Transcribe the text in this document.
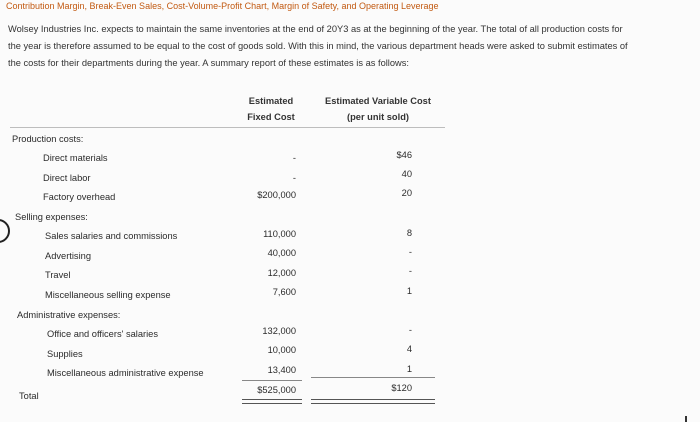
Contribution Margin, Break-Even Sales, Cost-Volume-Profit Chart, Margin of Safety, and Operating Leverage
Wolsey Industries Inc. expects to maintain the same inventories at the end of 20Y3 as at the beginning of the year. The total of all production costs for
the year is therefore assumed to be equal to the cost of goods sold. With this in mind, the various department heads were asked to submit estimates of
the costs for their departments during the year. A summary report of these estimates is as follows:
Estimated
Fixed Cost
Estimated Variable Cost
(per unit sold)
Production costs:
Direct materials
Direct labor
Factory overhead
Selling expenses:
Sales salaries and commissions
Advertising
Travel
Miscellaneous selling expense
Administrative expenses:
Office and officers' salaries
Supplies
Miscellaneous administrative expense
Total
-
-
$200,000
110,000
40,000
12,000
7,600
132,000
10,000
13,400
$525,000
$46
40
20
8
-
-
1
-
4
1
$120
